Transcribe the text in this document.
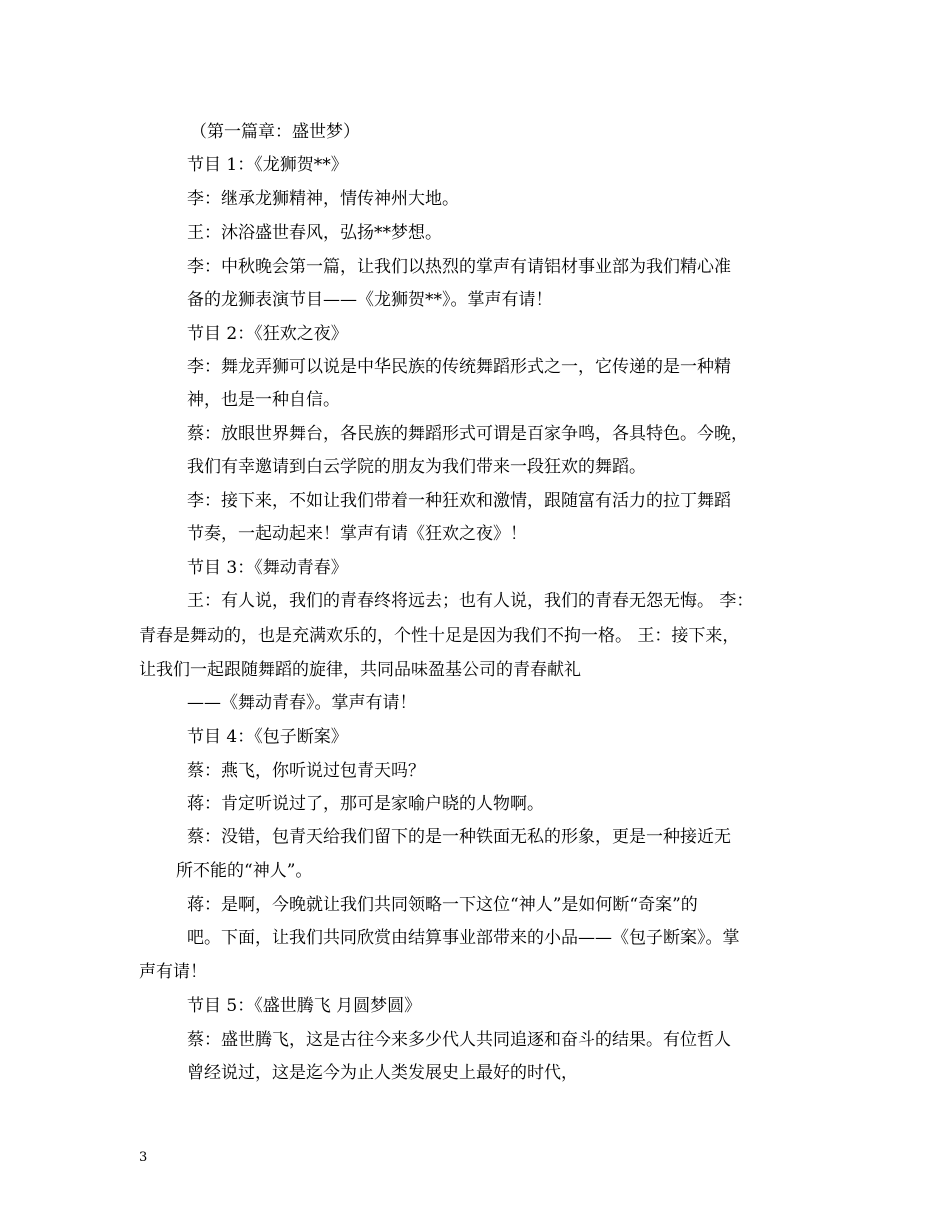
（第一篇章：盛世梦）
节目 1：《龙狮贺**》
李：继承龙狮精神，情传神州大地。
王：沐浴盛世春风，弘扬**梦想。
李：中秋晚会第一篇，让我们以热烈的掌声有请铝材事业部为我们精心准
备的龙狮表演节目——《龙狮贺**》。掌声有请！
节目 2：《狂欢之夜》
李：舞龙弄狮可以说是中华民族的传统舞蹈形式之一，它传递的是一种精
神，也是一种自信。
蔡：放眼世界舞台，各民族的舞蹈形式可谓是百家争鸣，各具特色。今晚，
我们有幸邀请到白云学院的朋友为我们带来一段狂欢的舞蹈。
李：接下来，不如让我们带着一种狂欢和激情，跟随富有活力的拉丁舞蹈
节奏，一起动起来！掌声有请《狂欢之夜》！
节目 3：《舞动青春》
王：有人说，我们的青春终将远去；也有人说，我们的青春无怨无悔。 李：
青春是舞动的，也是充满欢乐的，个性十足是因为我们不拘一格。 王：接下来，
让我们一起跟随舞蹈的旋律，共同品味盈基公司的青春献礼
——《舞动青春》。掌声有请！
节目 4：《包子断案》
蔡：燕飞，你听说过包青天吗？
蒋：肯定听说过了，那可是家喻户晓的人物啊。
蔡：没错，包青天给我们留下的是一种铁面无私的形象，更是一种接近无
所不能的“神人”。
蒋：是啊，今晚就让我们共同领略一下这位“神人”是如何断“奇案”的
吧。下面，让我们共同欣赏由结算事业部带来的小品——《包子断案》。掌
声有请！
节目 5：《盛世腾飞 月圆梦圆》
蔡：盛世腾飞，这是古往今来多少代人共同追逐和奋斗的结果。有位哲人
曾经说过，这是迄今为止人类发展史上最好的时代，
3
